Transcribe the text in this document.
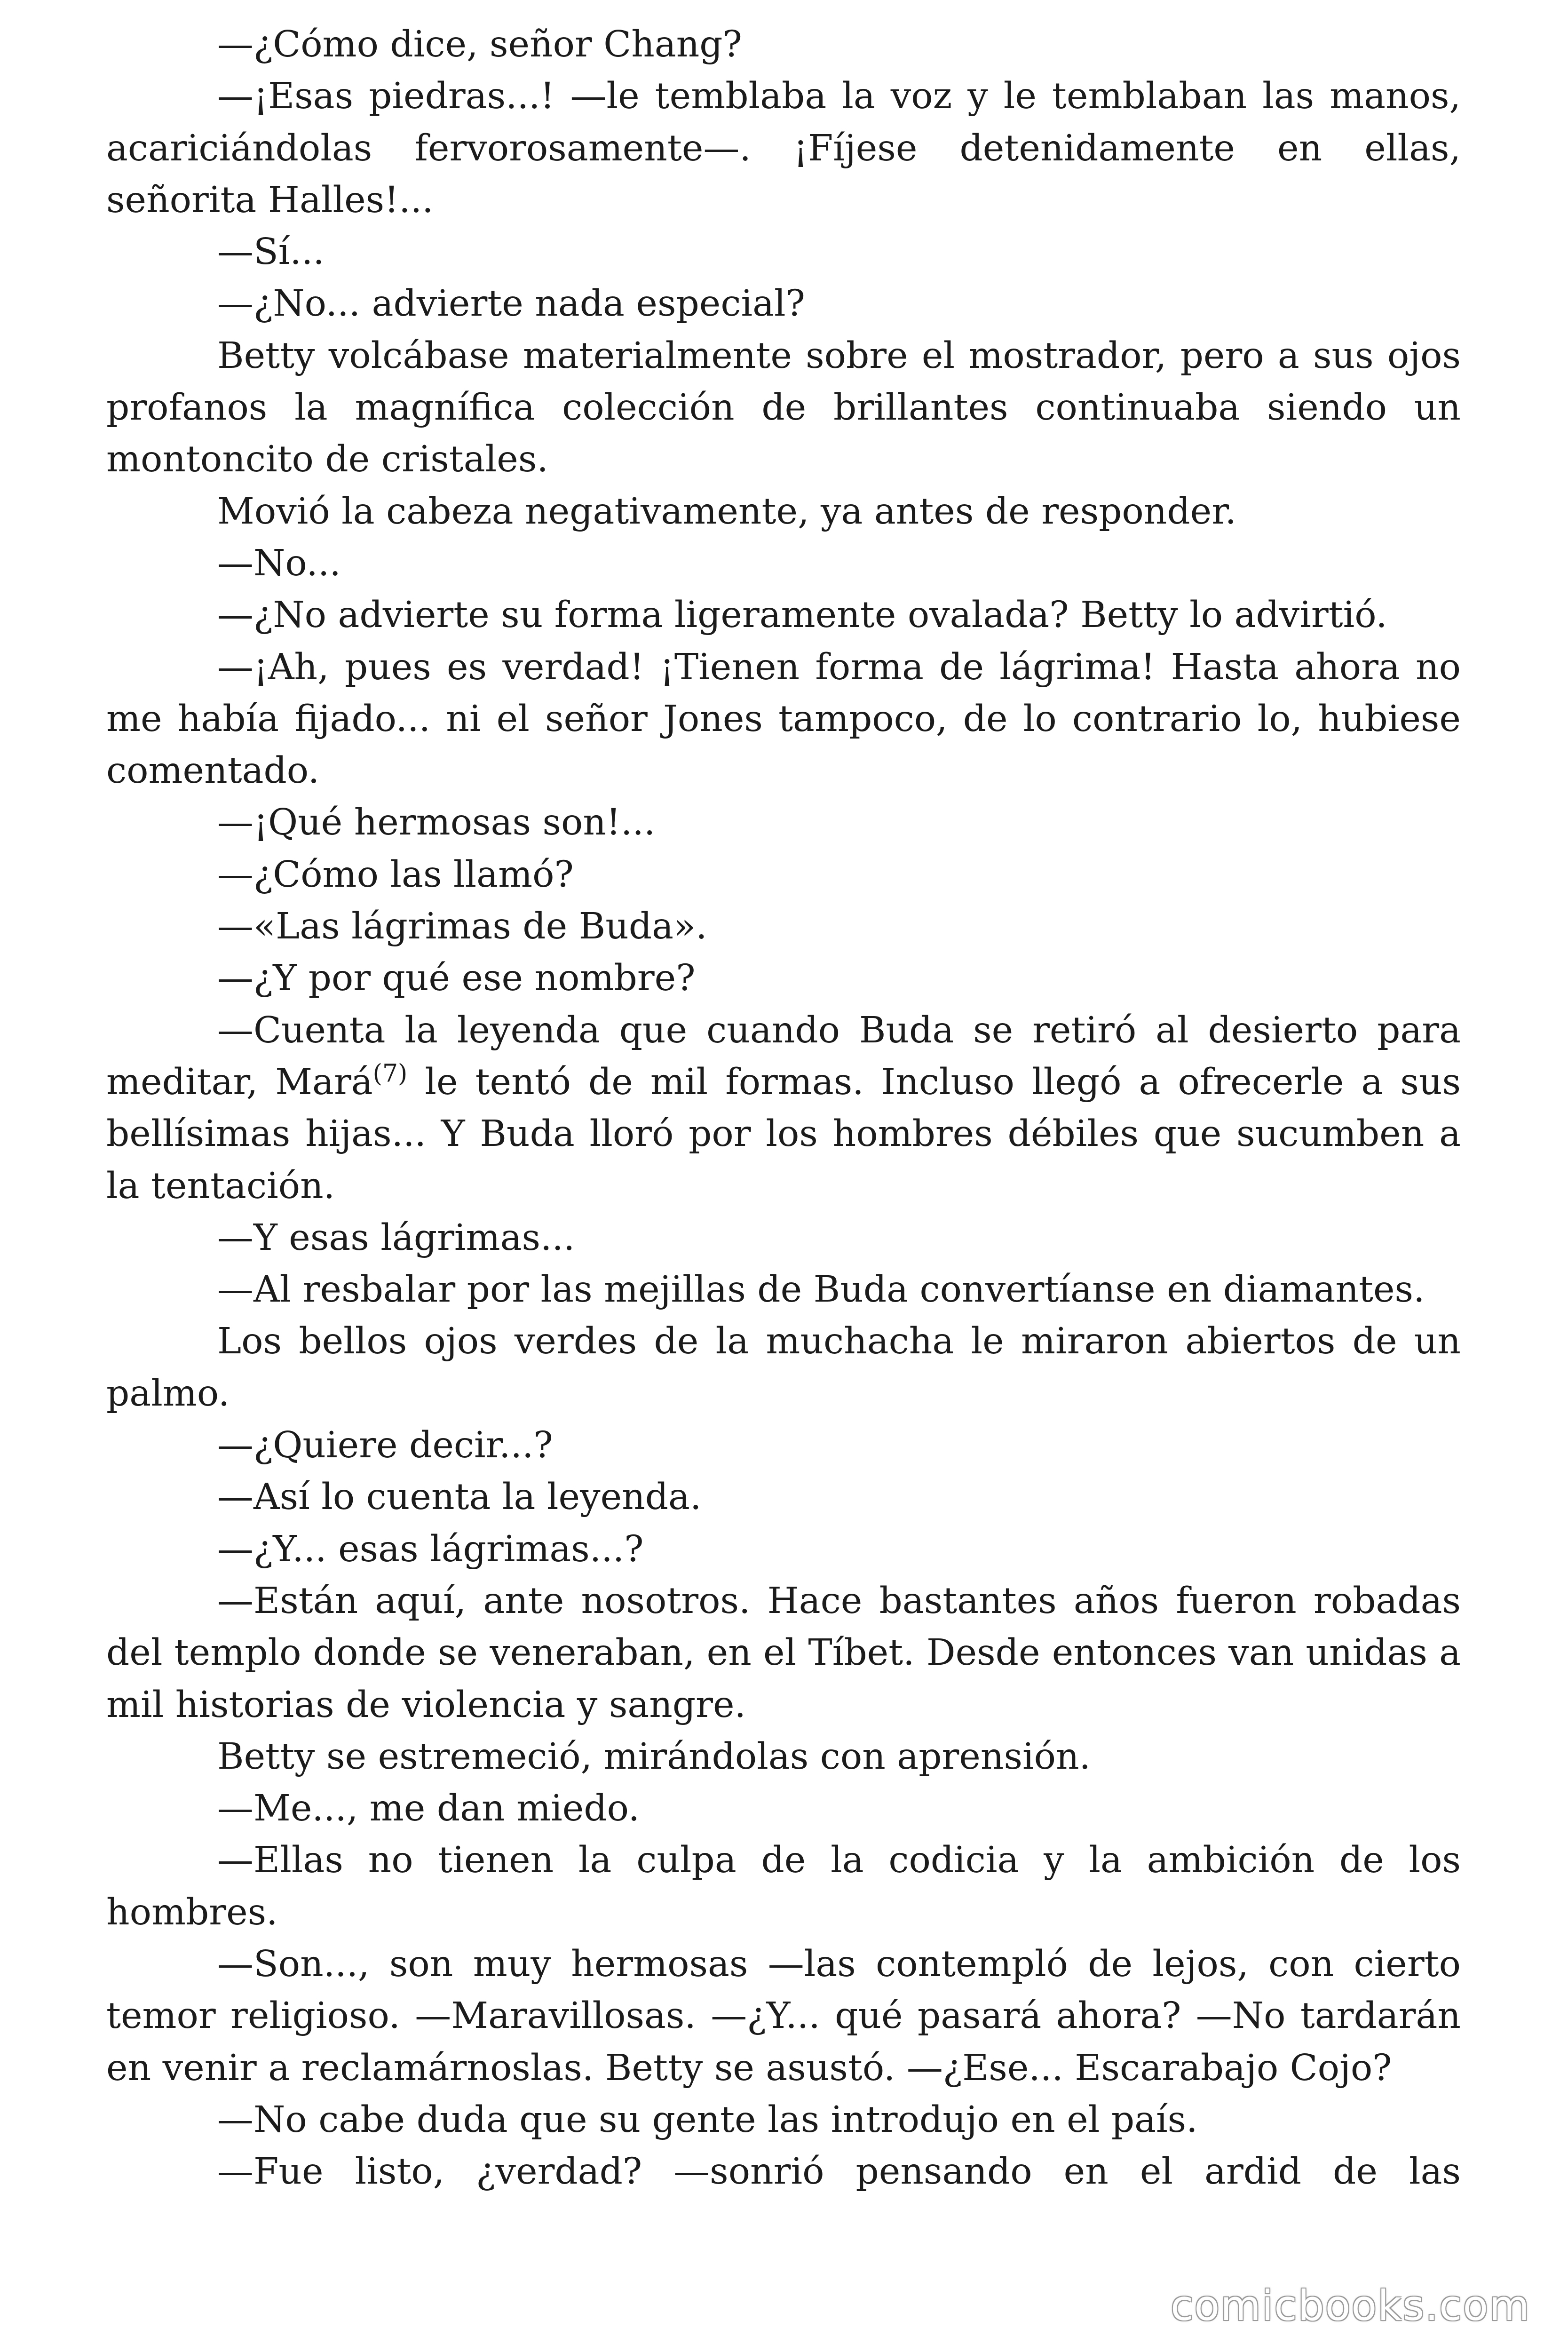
—¿Cómo dice, señor Chang?

—¡Esas piedras...! —le temblaba la voz y le temblaban las manos, acariciándolas fervorosamente—. ¡Fíjese detenidamente en ellas, señorita Halles!...

—Sí...

—¿No... advierte nada especial?

Betty volcábase materialmente sobre el mostrador, pero a sus ojos profanos la magnífica colección de brillantes continuaba siendo un montoncito de cristales.

Movió la cabeza negativamente, ya antes de responder.

—No...

—¿No advierte su forma ligeramente ovalada? Betty lo advirtió.

—¡Ah, pues es verdad! ¡Tienen forma de lágrima! Hasta ahora no me había fijado... ni el señor Jones tampoco, de lo contrario lo, hubiese comentado.

—¡Qué hermosas son!...

—¿Cómo las llamó?

—«Las lágrimas de Buda».

—¿Y por qué ese nombre?

—Cuenta la leyenda que cuando Buda se retiró al desierto para meditar, Mará$^{(7)}$ le tentó de mil formas. Incluso llegó a ofrecerle a sus bellísimas hijas... Y Buda lloró por los hombres débiles que sucumben a la tentación.

—Y esas lágrimas...

—Al resbalar por las mejillas de Buda convertíanse en diamantes.

Los bellos ojos verdes de la muchacha le miraron abiertos de un palmo.

—¿Quiere decir...?

—Así lo cuenta la leyenda.

—¿Y... esas lágrimas...?

—Están aquí, ante nosotros. Hace bastantes años fueron robadas del templo donde se veneraban, en el Tíbet. Desde entonces van unidas a mil historias de violencia y sangre.

Betty se estremeció, mirándolas con aprensión.

—Me..., me dan miedo.

—Ellas no tienen la culpa de la codicia y la ambición de los hombres.

—Son..., son muy hermosas —las contempló de lejos, con cierto temor religioso. —Maravillosas. —¿Y... qué pasará ahora? —No tardarán en venir a reclamárnoslas. Betty se asustó. —¿Ese... Escarabajo Cojo?

—No cabe duda que su gente las introdujo en el país.

—Fue listo, ¿verdad? —sonrió pensando en el ardid de las

comicbooks.com
